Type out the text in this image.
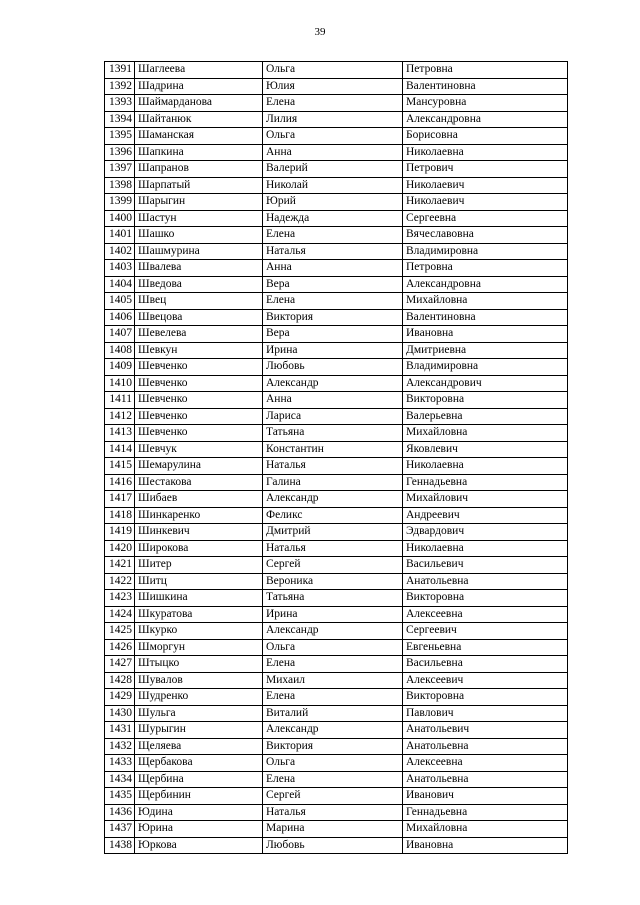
39
1391	Шаглеева	Ольга	Петровна
1392	Шадрина	Юлия	Валентиновна
1393	Шаймарданова	Елена	Мансуровна
1394	Шайтанюк	Лилия	Александровна
1395	Шаманская	Ольга	Борисовна
1396	Шапкина	Анна	Николаевна
1397	Шапранов	Валерий	Петрович
1398	Шарпатый	Николай	Николаевич
1399	Шарыгин	Юрий	Николаевич
1400	Шастун	Надежда	Сергеевна
1401	Шашко	Елена	Вячеславовна
1402	Шашмурина	Наталья	Владимировна
1403	Швалева	Анна	Петровна
1404	Шведова	Вера	Александровна
1405	Швец	Елена	Михайловна
1406	Швецова	Виктория	Валентиновна
1407	Шевелева	Вера	Ивановна
1408	Шевкун	Ирина	Дмитриевна
1409	Шевченко	Любовь	Владимировна
1410	Шевченко	Александр	Александрович
1411	Шевченко	Анна	Викторовна
1412	Шевченко	Лариса	Валерьевна
1413	Шевченко	Татьяна	Михайловна
1414	Шевчук	Константин	Яковлевич
1415	Шемарулина	Наталья	Николаевна
1416	Шестакова	Галина	Геннадьевна
1417	Шибаев	Александр	Михайлович
1418	Шинкаренко	Феликс	Андреевич
1419	Шинкевич	Дмитрий	Эдвардович
1420	Широкова	Наталья	Николаевна
1421	Шитер	Сергей	Васильевич
1422	Шитц	Вероника	Анатольевна
1423	Шишкина	Татьяна	Викторовна
1424	Шкуратова	Ирина	Алексеевна
1425	Шкурко	Александр	Сергеевич
1426	Шморгун	Ольга	Евгеньевна
1427	Штыцко	Елена	Васильевна
1428	Шувалов	Михаил	Алексеевич
1429	Шудренко	Елена	Викторовна
1430	Шульга	Виталий	Павлович
1431	Шурыгин	Александр	Анатольевич
1432	Щеляева	Виктория	Анатольевна
1433	Щербакова	Ольга	Алексеевна
1434	Щербина	Елена	Анатольевна
1435	Щербинин	Сергей	Иванович
1436	Юдина	Наталья	Геннадьевна
1437	Юрина	Марина	Михайловна
1438	Юркова	Любовь	Ивановна
